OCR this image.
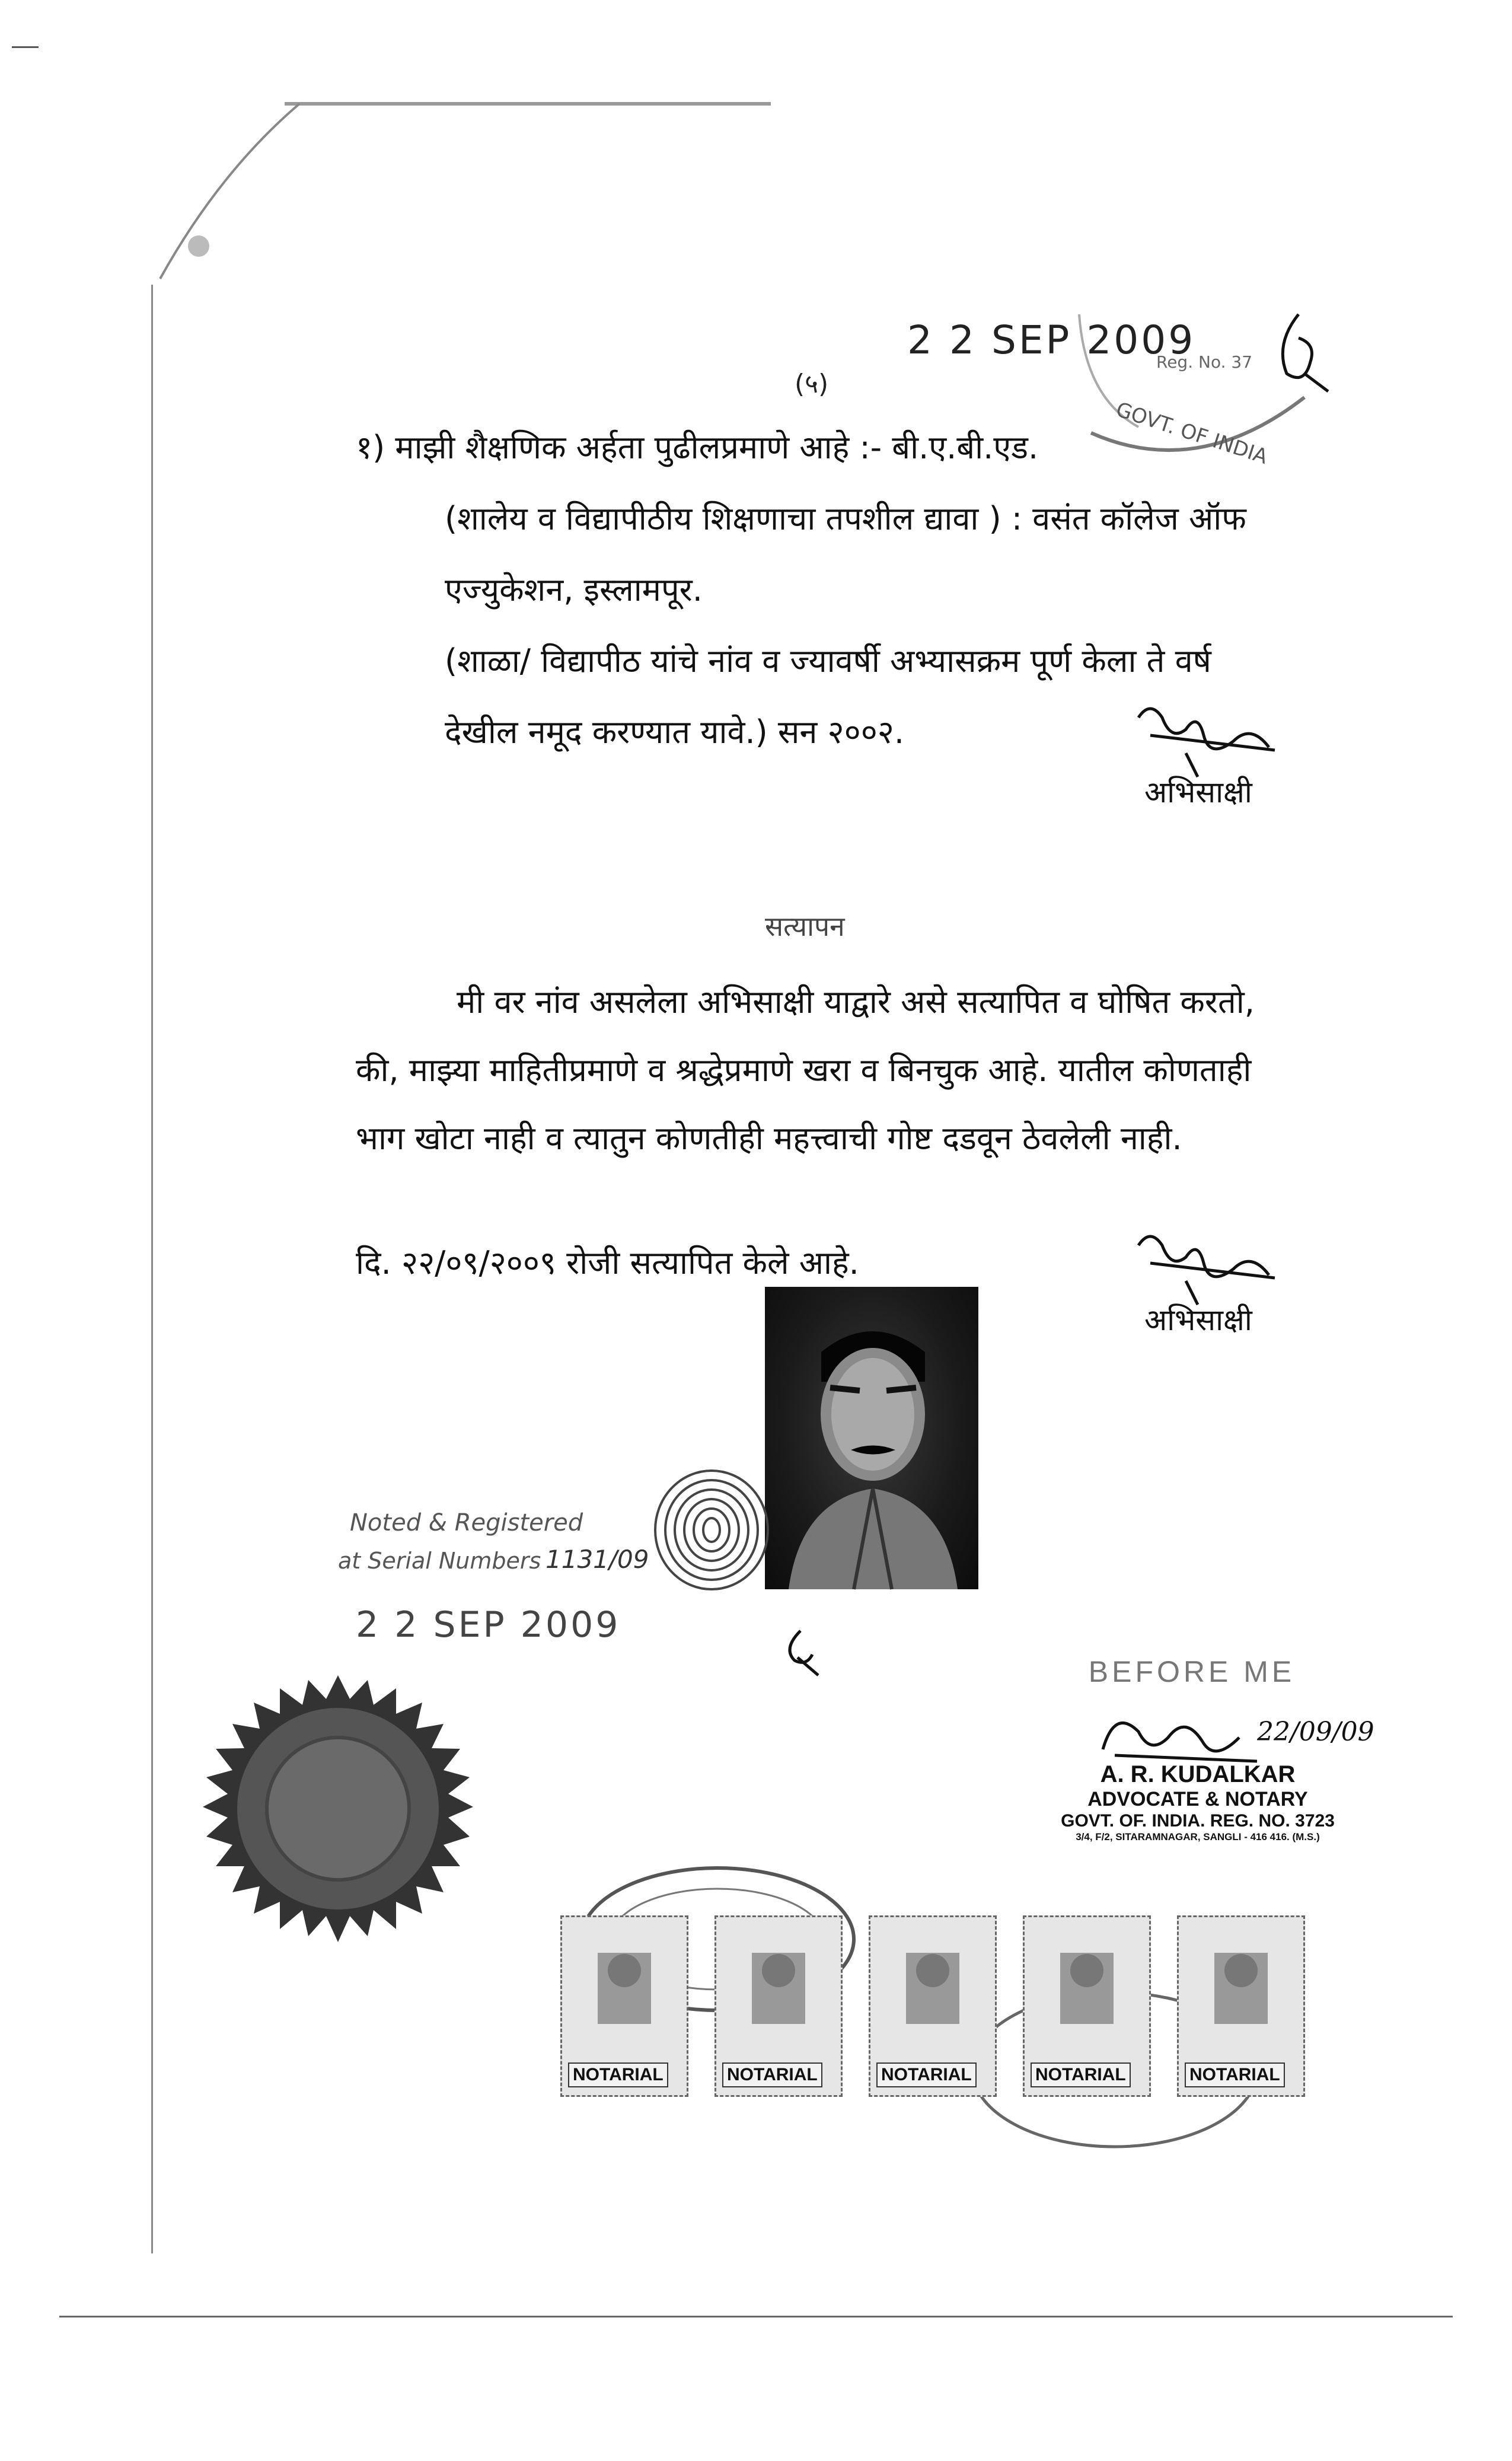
2 2 SEP 2009
Reg. No. 37
GOVT. OF INDIA
(५)
१) माझी शैक्षणिक अर्हता पुढीलप्रमाणे आहे :- बी.ए.बी.एड.
(शालेय व विद्यापीठीय शिक्षणाचा तपशील द्यावा ) : वसंत कॉलेज ऑफ
एज्युकेशन, इस्लामपूर.
(शाळा/ विद्यापीठ यांचे नांव व ज्यावर्षी अभ्यासक्रम पूर्ण केला ते वर्ष
देखील नमूद करण्यात यावे.) सन २००२.
अभिसाक्षी
सत्यापन
मी वर नांव असलेला अभिसाक्षी याद्वारे असे सत्यापित व घोषित करतो,
की, माझ्या माहितीप्रमाणे व श्रद्धेप्रमाणे खरा व बिनचुक आहे. यातील कोणताही
भाग खोटा नाही व त्यातुन कोणतीही महत्त्वाची गोष्ट दडवून ठेवलेली नाही.
दि. २२/०९/२००९ रोजी सत्यापित केले आहे.
अभिसाक्षी
Noted & Registered
at Serial Numbers 1131/09
2 2 SEP 2009
BEFORE ME
22/09/09
A. R. KUDALKAR
ADVOCATE & NOTARY
GOVT. OF. INDIA. REG. NO. 3723
3/4, F/2, SITARAMNAGAR, SANGLI - 416 416. (M.S.)
NOTARIAL	NOTARIAL	NOTARIAL	NOTARIAL	NOTARIAL
